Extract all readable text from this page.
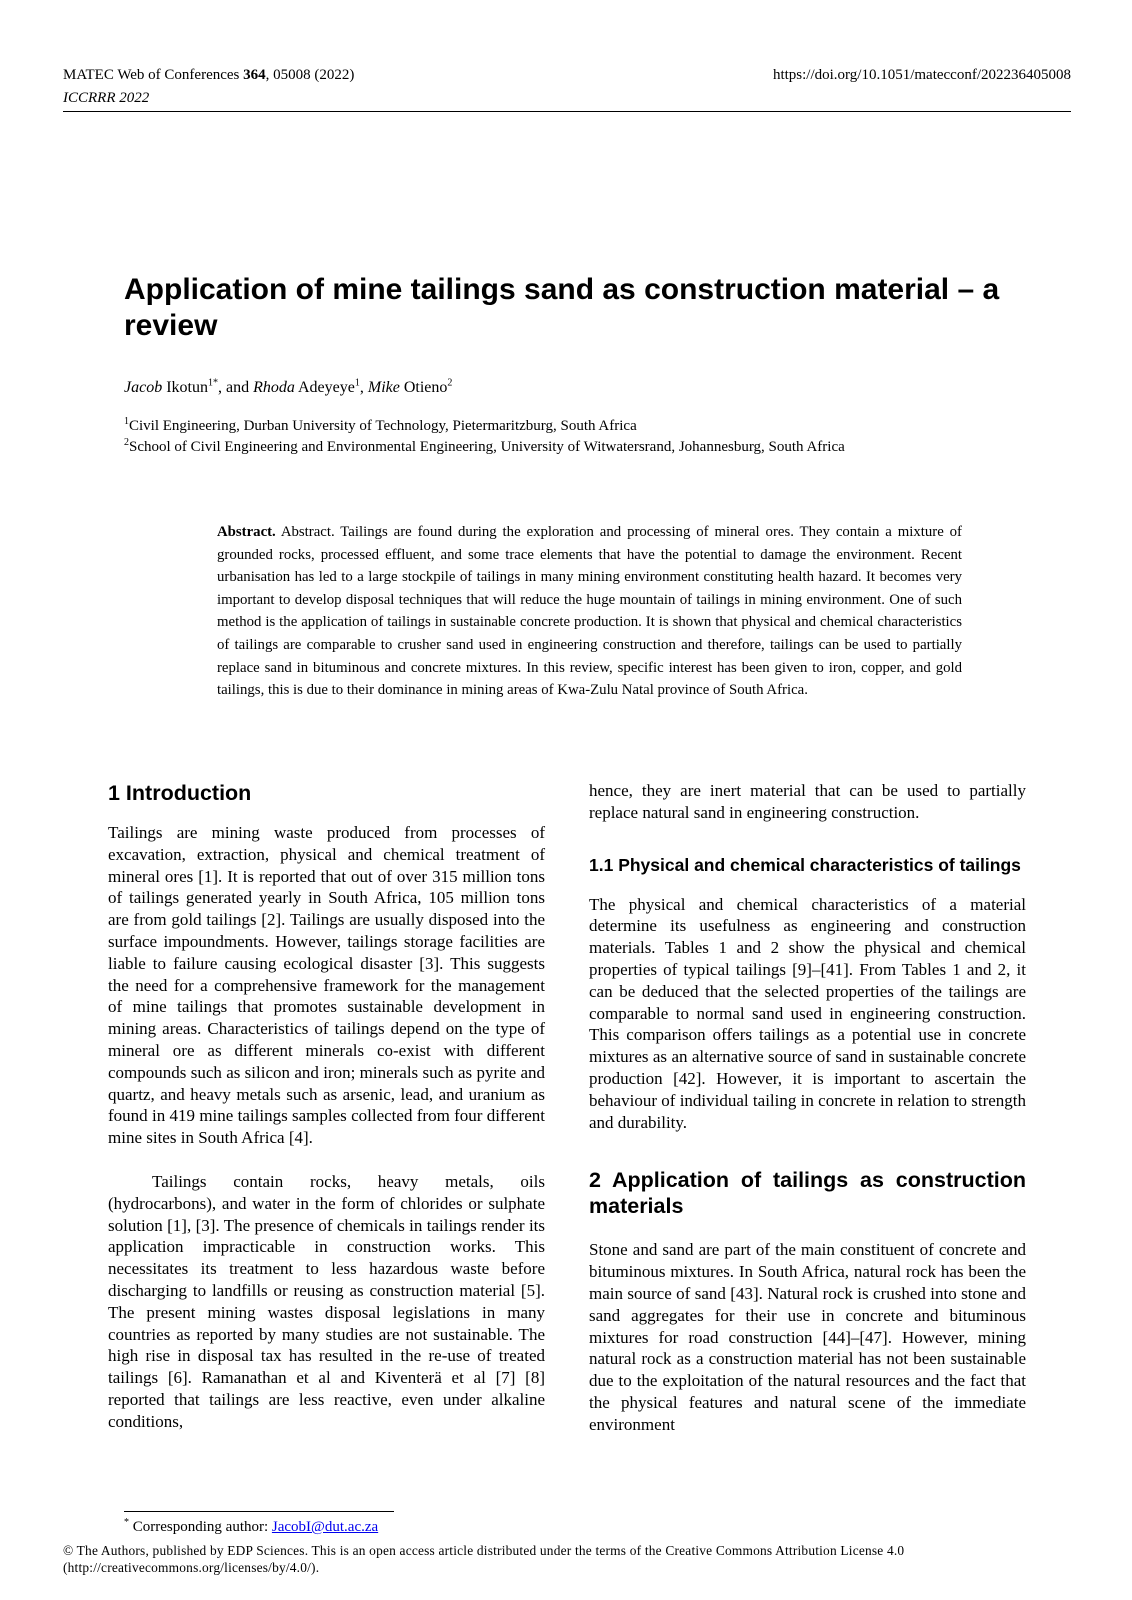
MATEC Web of Conferences 364, 05008 (2022)
ICCRRR 2022
https://doi.org/10.1051/matecconf/202236405008
Application of mine tailings sand as construction material – a review
Jacob Ikotun$^{1*}$, and Rhoda Adeyeye$^1$, Mike Otieno$^2$
$^1$Civil Engineering, Durban University of Technology, Pietermaritzburg, South Africa
$^2$School of Civil Engineering and Environmental Engineering, University of Witwatersrand, Johannesburg, South Africa
Abstract. Abstract. Tailings are found during the exploration and processing of mineral ores. They contain a mixture of grounded rocks, processed effluent, and some trace elements that have the potential to damage the environment. Recent urbanisation has led to a large stockpile of tailings in many mining environment constituting health hazard. It becomes very important to develop disposal techniques that will reduce the huge mountain of tailings in mining environment. One of such method is the application of tailings in sustainable concrete production. It is shown that physical and chemical characteristics of tailings are comparable to crusher sand used in engineering construction and therefore, tailings can be used to partially replace sand in bituminous and concrete mixtures. In this review, specific interest has been given to iron, copper, and gold tailings, this is due to their dominance in mining areas of Kwa-Zulu Natal province of South Africa.
1 Introduction

Tailings are mining waste produced from processes of excavation, extraction, physical and chemical treatment of mineral ores [1]. It is reported that out of over 315 million tons of tailings generated yearly in South Africa, 105 million tons are from gold tailings [2]. Tailings are usually disposed into the surface impoundments. However, tailings storage facilities are liable to failure causing ecological disaster [3]. This suggests the need for a comprehensive framework for the management of mine tailings that promotes sustainable development in mining areas. Characteristics of tailings depend on the type of mineral ore as different minerals co-exist with different compounds such as silicon and iron; minerals such as pyrite and quartz, and heavy metals such as arsenic, lead, and uranium as found in 419 mine tailings samples collected from four different mine sites in South Africa [4].

Tailings contain rocks, heavy metals, oils (hydrocarbons), and water in the form of chlorides or sulphate solution [1], [3]. The presence of chemicals in tailings render its application impracticable in construction works. This necessitates its treatment to less hazardous waste before discharging to landfills or reusing as construction material [5]. The present mining wastes disposal legislations in many countries as reported by many studies are not sustainable. The high rise in disposal tax has resulted in the re-use of treated tailings [6]. Ramanathan et al and Kiventerä et al [7] [8] reported that tailings are less reactive, even under alkaline conditions,

hence, they are inert material that can be used to partially replace natural sand in engineering construction.

1.1 Physical and chemical characteristics of tailings

The physical and chemical characteristics of a material determine its usefulness as engineering and construction materials. Tables 1 and 2 show the physical and chemical properties of typical tailings [9]–[41]. From Tables 1 and 2, it can be deduced that the selected properties of the tailings are comparable to normal sand used in engineering construction. This comparison offers tailings as a potential use in concrete mixtures as an alternative source of sand in sustainable concrete production [42]. However, it is important to ascertain the behaviour of individual tailing in concrete in relation to strength and durability.

2 Application of tailings as construction materials

Stone and sand are part of the main constituent of concrete and bituminous mixtures. In South Africa, natural rock has been the main source of sand [43]. Natural rock is crushed into stone and sand aggregates for their use in concrete and bituminous mixtures for road construction [44]–[47]. However, mining natural rock as a construction material has not been sustainable due to the exploitation of the natural resources and the fact that the physical features and natural scene of the immediate environment

* Corresponding author: JacobI@dut.ac.za
© The Authors, published by EDP Sciences. This is an open access article distributed under the terms of the Creative Commons Attribution License 4.0 (http://creativecommons.org/licenses/by/4.0/).
